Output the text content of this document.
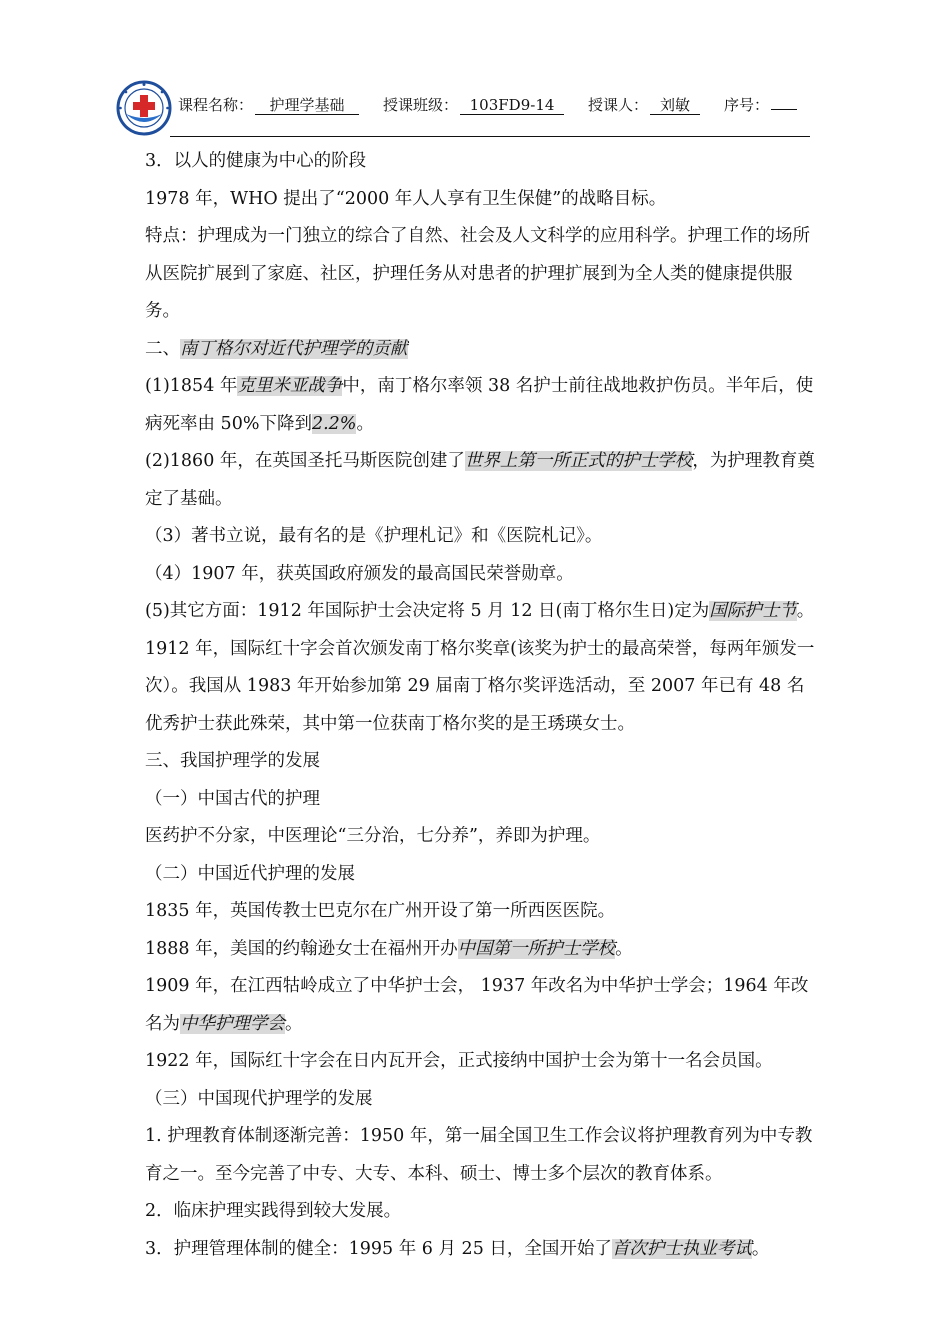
课程名称： 护理学基础	授课班级： 103FD9-14 授课人： 刘敏 序号：

3．以人的健康为中心的阶段

1978 年，WHO 提出了“2000 年人人享有卫生保健”的战略目标。

特点：护理成为一门独立的综合了自然、社会及人文科学的应用科学。护理工作的场所从医院扩展到了家庭、社区，护理任务从对患者的护理扩展到为全人类的健康提供服务。

二、南丁格尔对近代护理学的贡献

(1)1854 年克里米亚战争中，南丁格尔率领 38 名护士前往战地救护伤员。半年后，使病死率由 50%下降到2.2%。

(2)1860 年，在英国圣托马斯医院创建了世界上第一所正式的护士学校，为护理教育奠定了基础。

（3）著书立说，最有名的是《护理札记》和《医院札记》。

（4）1907 年，获英国政府颁发的最高国民荣誉勋章。

(5)其它方面：1912 年国际护士会决定将 5 月 12 日(南丁格尔生日)定为国际护士节。1912 年，国际红十字会首次颁发南丁格尔奖章(该奖为护士的最高荣誉，每两年颁发一次）。我国从 1983 年开始参加第 29 届南丁格尔奖评选活动，至 2007 年已有 48 名优秀护士获此殊荣，其中第一位获南丁格尔奖的是王琇瑛女士。

三、我国护理学的发展

（一）中国古代的护理

医药护不分家，中医理论“三分治，七分养”，养即为护理。

（二）中国近代护理的发展

1835 年，英国传教士巴克尔在广州开设了第一所西医医院。

1888 年，美国的约翰逊女士在福州开办中国第一所护士学校。

1909 年，在江西牯岭成立了中华护士会， 1937 年改名为中华护士学会；1964 年改名为中华护理学会。

1922 年，国际红十字会在日内瓦开会，正式接纳中国护士会为第十一名会员国。

（三）中国现代护理学的发展

1. 护理教育体制逐渐完善：1950 年，第一届全国卫生工作会议将护理教育列为中专教育之一。至今完善了中专、大专、本科、硕士、博士多个层次的教育体系。

2．临床护理实践得到较大发展。

3．护理管理体制的健全：1995 年 6 月 25 日，全国开始了首次护士执业考试。
